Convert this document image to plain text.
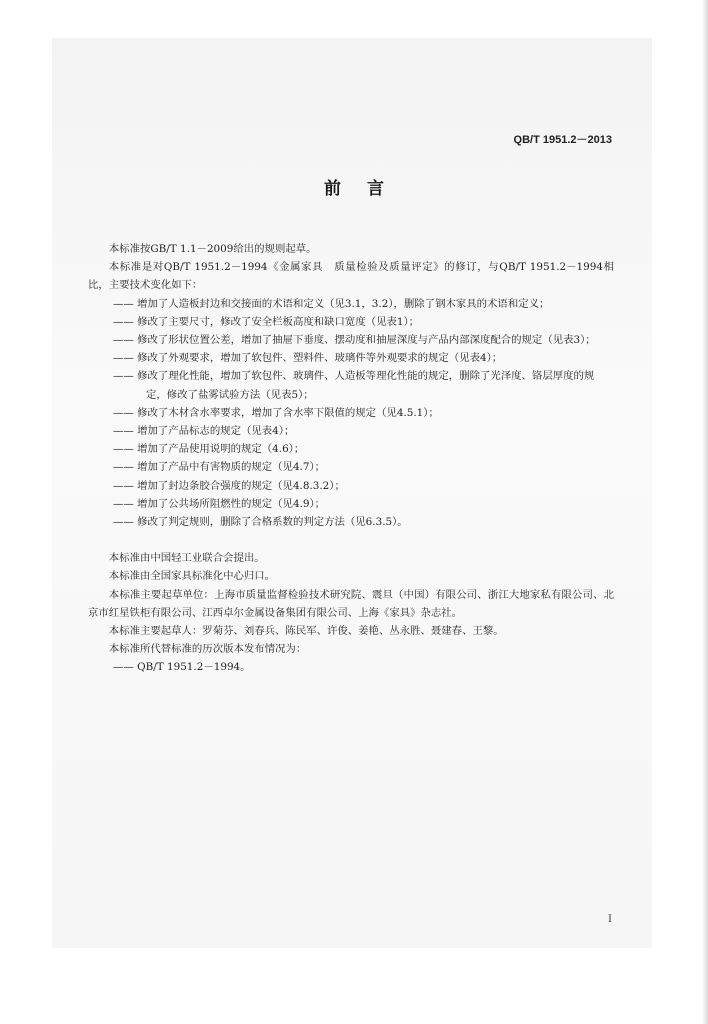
QB/T 1951.2－2013
前言
本标准按GB/T 1.1－2009给出的规则起草。
本标准是对QB/T 1951.2－1994《金属家具　质量检验及质量评定》的修订，与QB/T 1951.2－1994相比，主要技术变化如下：
—— 增加了人造板封边和交接面的术语和定义（见3.1，3.2），删除了钢木家具的术语和定义；
—— 修改了主要尺寸，修改了安全栏板高度和缺口宽度（见表1）；
—— 修改了形状位置公差，增加了抽屉下垂度、摆动度和抽屉深度与产品内部深度配合的规定（见表3）；
—— 修改了外观要求，增加了软包件、塑料件、玻璃件等外观要求的规定（见表4）；
—— 修改了理化性能，增加了软包件、玻璃件、人造板等理化性能的规定，删除了光泽度、铬层厚度的规定，修改了盐雾试验方法（见表5）；
—— 修改了木材含水率要求，增加了含水率下限值的规定（见4.5.1）；
—— 增加了产品标志的规定（见表4）；
—— 增加了产品使用说明的规定（4.6）；
—— 增加了产品中有害物质的规定（见4.7）；
—— 增加了封边条胶合强度的规定（见4.8.3.2）；
—— 增加了公共场所阻燃性的规定（见4.9）；
—— 修改了判定规则，删除了合格系数的判定方法（见6.3.5）。
本标准由中国轻工业联合会提出。
本标准由全国家具标准化中心归口。
本标准主要起草单位：上海市质量监督检验技术研究院、震旦（中国）有限公司、浙江大地家私有限公司、北京市红星铁柜有限公司、江西卓尔金属设备集团有限公司、上海《家具》杂志社。
本标准主要起草人：罗菊芬、刘春兵、陈民军、许俊、姜艳、丛永胜、聂建春、王黎。
本标准所代替标准的历次版本发布情况为：
—— QB/T 1951.2－1994。
I
